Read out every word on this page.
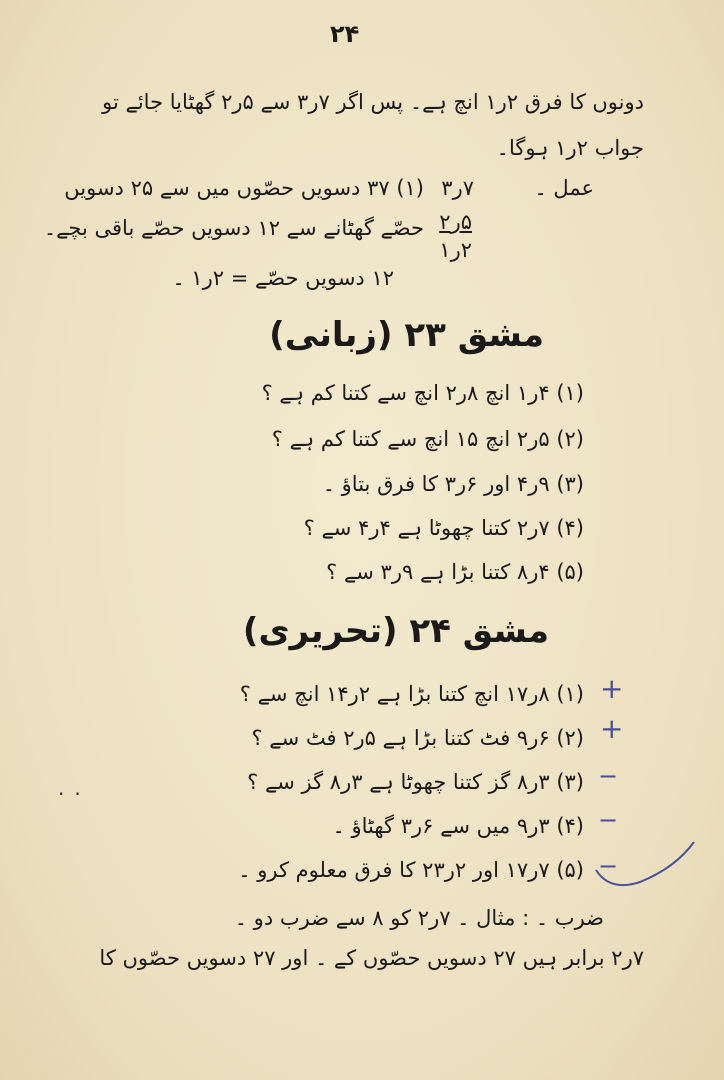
۲۴
دونوں کا فرق ۲ر۱ انچ ہے۔ پس اگر ۷ر۳ سے ۵ر۲ گھٹایا جائے تو
جواب ۲ر۱ ہوگا۔
عمل ۔
۷ر۳
۵ر۲
۲ر۱
(۱) ۳۷ دسویں حصّوں میں سے ۲۵ دسویں
حصّے گھٹانے سے ۱۲ دسویں حصّے باقی بچے۔
۱۲ دسویں حصّے = ۲ر۱ ۔
مشق ۲۳ (زبانی)
(۱) ۴ر۱ انچ ۸ر۲ انچ سے کتنا کم ہے ؟
(۲) ۵ر۲ انچ ۱۵ انچ سے کتنا کم ہے ؟
(۳) ۹ر۴ اور ۶ر۳ کا فرق بتاؤ ۔
(۴) ۷ر۲ کتنا چھوٹا ہے ۴ر۴ سے ؟
(۵) ۴ر۸ کتنا بڑا ہے ۹ر۳ سے ؟
مشق ۲۴ (تحریری)
(۱) ۸ر۱۷ انچ کتنا بڑا ہے ۲ر۱۴ انچ سے ؟
(۲) ۶ر۹ فٹ کتنا بڑا ہے ۵ر۲ فٹ سے ؟
(۳) ۳ر۸ گز کتنا چھوٹا ہے ۳ر۸ گز سے ؟
(۴) ۳ر۹ میں سے ۶ر۳ گھٹاؤ ۔
(۵) ۷ر۱۷ اور ۲ر۲۳ کا فرق معلوم کرو ۔
+
+
−
−
−
··
ضرب ۔ : مثال ۔ ۷ر۲ کو ۸ سے ضرب دو ۔
۷ر۲ برابر ہیں ۲۷ دسویں حصّوں کے ۔ اور ۲۷ دسویں حصّوں کا
